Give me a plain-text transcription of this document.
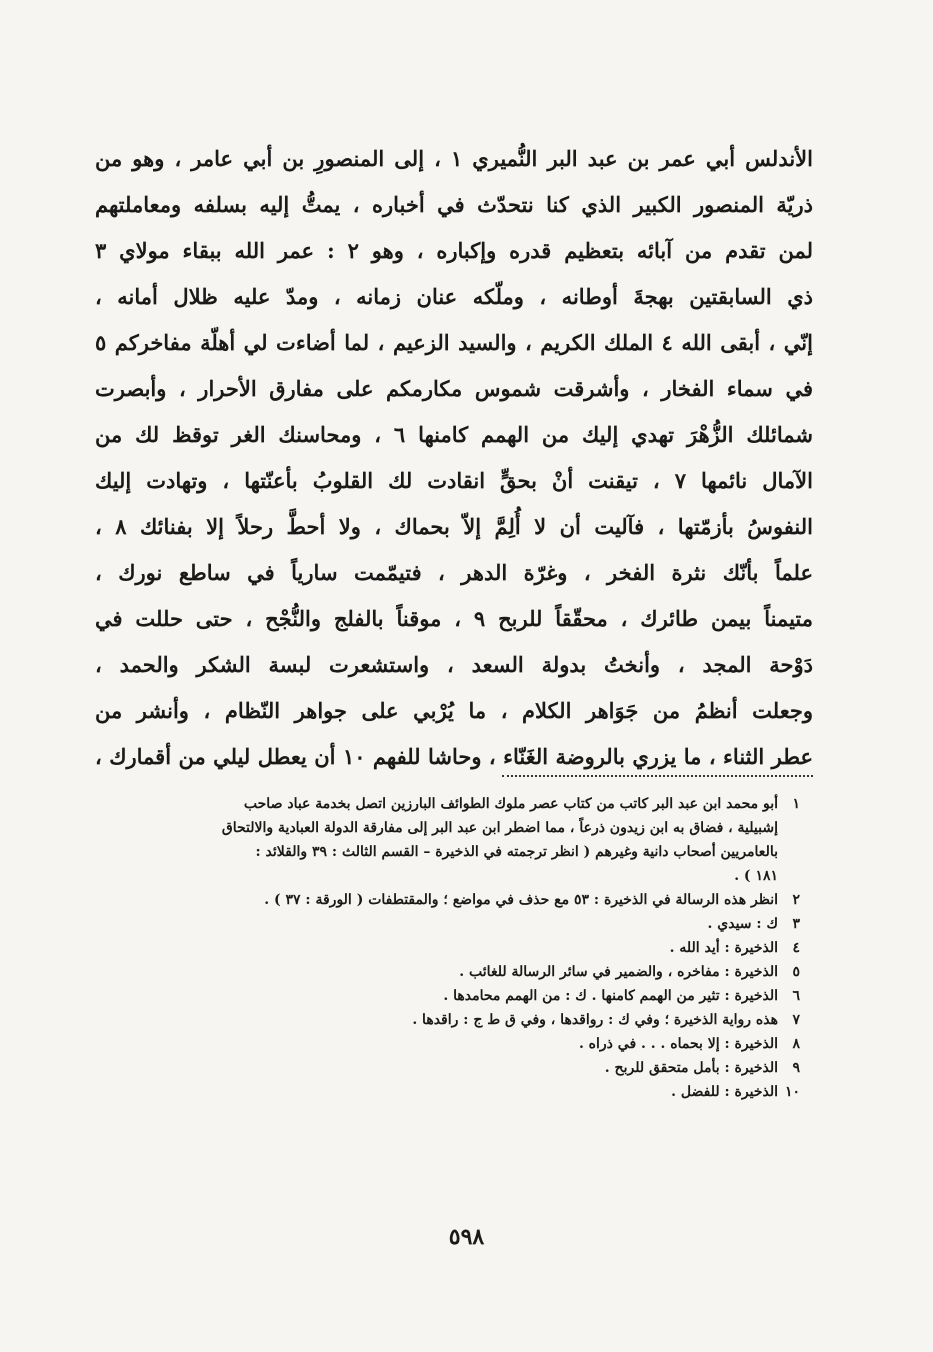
الأندلس أبي عمر بن عبد البر النُّميري ١ ، إلى المنصورِ بن أبي عامر ، وهو من
ذريّة المنصور الكبير الذي كنا نتحدّث في أخباره ، يمتُّ إليه بسلفه ومعاملتهم
لمن تقدم من آبائه بتعظيم قدره وإكباره ، وهو ٢ : عمر الله ببقاء مولاي ٣
ذي السابقتين بهجةَ أوطانه ، وملّكه عنان زمانه ، ومدّ عليه ظلال أمانه ،
إنّي ، أبقى الله ٤ الملك الكريم ، والسيد الزعيم ، لما أضاءت لي أهلّة مفاخركم ٥
في سماء الفخار ، وأشرقت شموس مكارمكم على مفارق الأحرار ، وأبصرت
شمائلك الزُّهْرَ تهدي إليك من الهمم كامنها ٦ ، ومحاسنك الغر توقظ لك من
الآمال نائمها ٧ ، تيقنت أنْ بحقٍّ انقادت لك القلوبُ بأعنّتها ، وتهادت إليك
النفوسُ بأزمّتها ، فآليت أن لا أُلِمَّ إلاّ بحماك ، ولا أحطَّ رحلاً إلا بفنائك ٨ ،
علماً بأنّك نثرة الفخر ، وغرّة الدهر ، فتيمّمت سارياً في ساطع نورك ،
متيمناً بيمن طائرك ، محقّقاً للربح ٩ ، موقناً بالفلج والنُّجْح ، حتى حللت في
دَوْحة المجد ، وأنختُ بدولة السعد ، واستشعرت لبسة الشكر والحمد ،
وجعلت أنظمُ من جَوَاهر الكلام ، ما يُرْبي على جواهر النّظام ، وأنشر من
عطر الثناء ، ما يزري بالروضة الغَنّاء ، وحاشا للفهم ١٠ أن يعطل ليلي من أقمارك ،
١أبو محمد ابن عبد البر كاتب من كتاب عصر ملوك الطوائف البارزين اتصل بخدمة عباد صاحب
إشبيلية ، فضاق به ابن زيدون ذرعاً ، مما اضطر ابن عبد البر إلى مفارقة الدولة العبادية والالتحاق
بالعامريين أصحاب دانية وغيرهم ( انظر ترجمته في الذخيرة – القسم الثالث : ٣٩ والقلائد :
١٨١ ) .
٢انظر هذه الرسالة في الذخيرة : ٥٣ مع حذف في مواضع ؛ والمقتطفات ( الورقة : ٣٧ ) .
٣ك : سيدي .
٤الذخيرة : أيد الله .
٥الذخيرة : مفاخره ، والضمير في سائر الرسالة للغائب .
٦الذخيرة : تثير من الهمم كامنها . ك : من الهمم محامدها .
٧هذه رواية الذخيرة ؛ وفي ك : رواقدها ، وفي ق ط ج : راقدها .
٨الذخيرة : إلا بحماه . . . في ذراه .
٩الذخيرة : بأمل متحقق للربح .
١٠الذخيرة : للفضل .
٥٩٨
